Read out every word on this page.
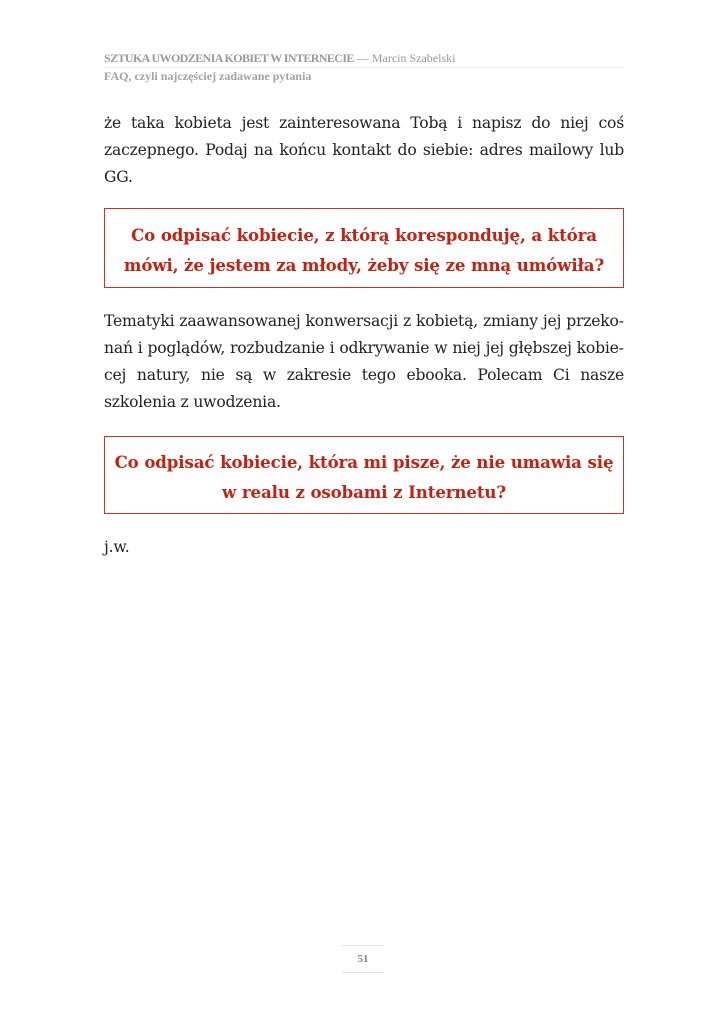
SZTUKA UWODZENIA KOBIET W INTERNECIE — Marcin Szabelski
FAQ, czyli najczęściej zadawane pytania

że taka kobieta jest zainteresowana Tobą i napisz do niej coś zaczepnego. Podaj na końcu kontakt do siebie: adres mailowy lub GG.

Co odpisać kobiecie, z którą koresponduję, a która
mówi, że jestem za młody, żeby się ze mną umówiła?

Tematyki zaawansowanej konwersacji z kobietą, zmiany jej przekonań i poglądów, rozbudzanie i odkrywanie w niej jej głębszej kobiecej natury, nie są w zakresie tego ebooka. Polecam Ci nasze szkolenia z uwodzenia.

Co odpisać kobiecie, która mi pisze, że nie umawia się
w realu z osobami z Internetu?

j.w.

51
